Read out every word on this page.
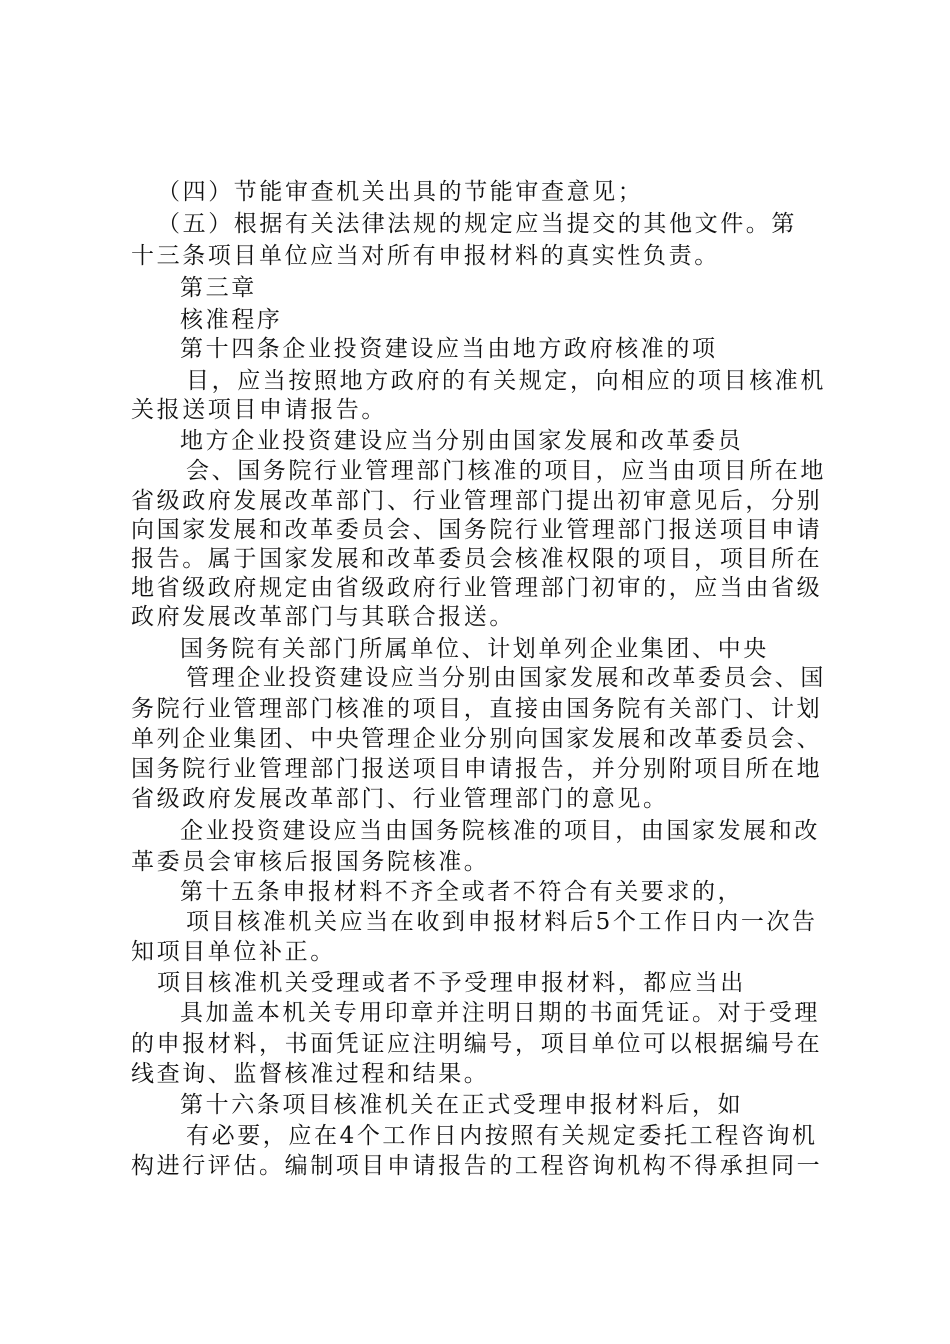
（四）节能审查机关出具的节能审查意见；
（五）根据有关法律法规的规定应当提交的其他文件。第
十三条项目单位应当对所有申报材料的真实性负责。
第三章
核准程序
第十四条企业投资建设应当由地方政府核准的项
目，应当按照地方政府的有关规定，向相应的项目核准机
关报送项目申请报告。
地方企业投资建设应当分别由国家发展和改革委员
会、国务院行业管理部门核准的项目，应当由项目所在地
省级政府发展改革部门、行业管理部门提出初审意见后，分别
向国家发展和改革委员会、国务院行业管理部门报送项目申请
报告。属于国家发展和改革委员会核准权限的项目，项目所在
地省级政府规定由省级政府行业管理部门初审的，应当由省级
政府发展改革部门与其联合报送。
国务院有关部门所属单位、计划单列企业集团、中央
管理企业投资建设应当分别由国家发展和改革委员会、国
务院行业管理部门核准的项目，直接由国务院有关部门、计划
单列企业集团、中央管理企业分别向国家发展和改革委员会、
国务院行业管理部门报送项目申请报告，并分别附项目所在地
省级政府发展改革部门、行业管理部门的意见。
企业投资建设应当由国务院核准的项目，由国家发展和改
革委员会审核后报国务院核准。
第十五条申报材料不齐全或者不符合有关要求的，
项目核准机关应当在收到申报材料后5个工作日内一次告
知项目单位补正。
项目核准机关受理或者不予受理申报材料，都应当出
具加盖本机关专用印章并注明日期的书面凭证。对于受理
的申报材料，书面凭证应注明编号，项目单位可以根据编号在
线查询、监督核准过程和结果。
第十六条项目核准机关在正式受理申报材料后，如
有必要，应在4个工作日内按照有关规定委托工程咨询机
构进行评估。编制项目申请报告的工程咨询机构不得承担同一
